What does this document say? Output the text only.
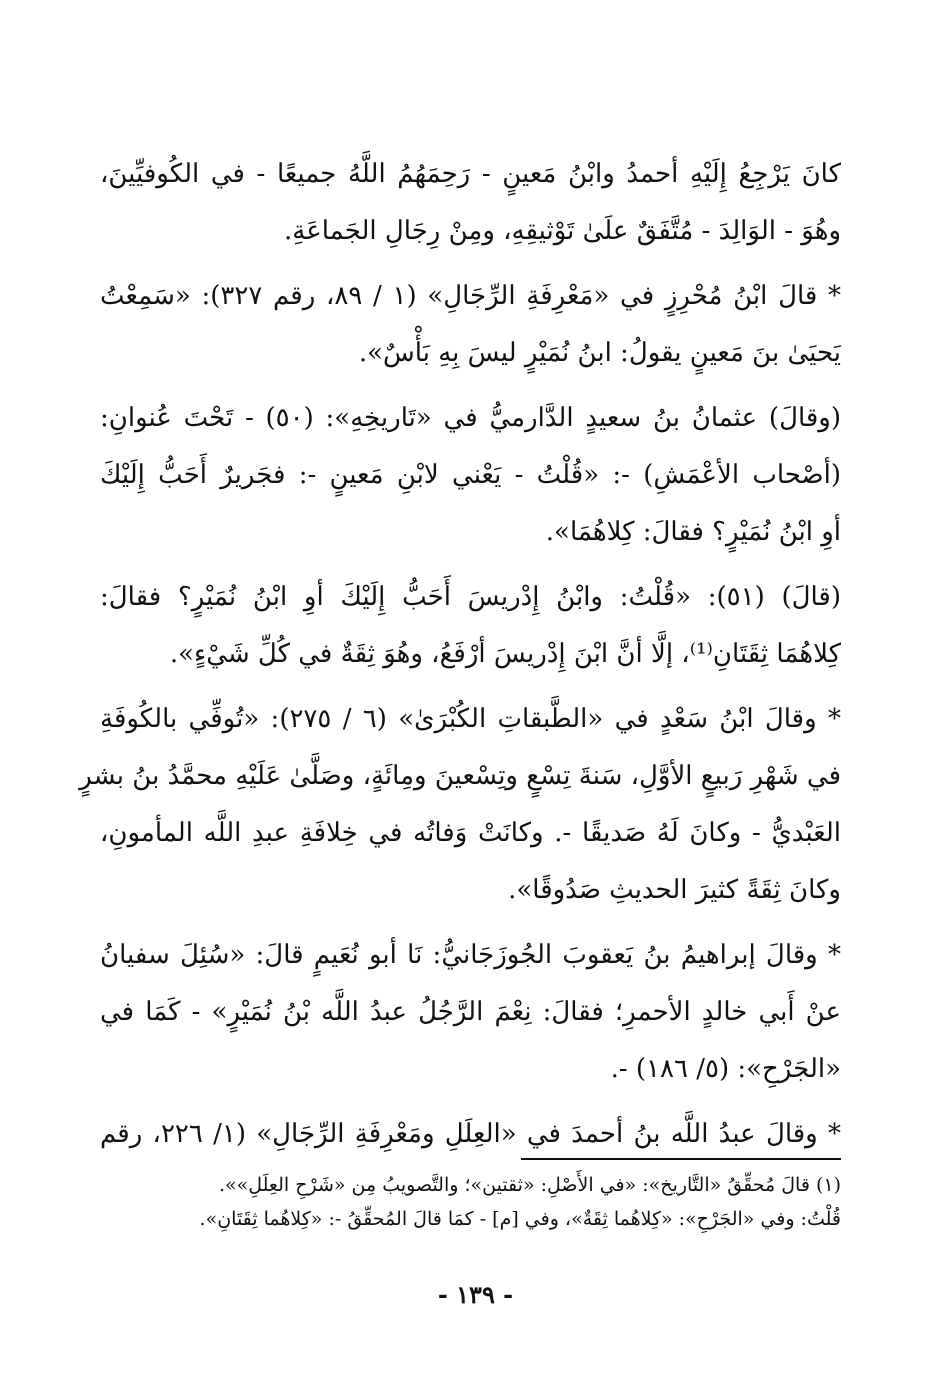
كانَ يَرْجِعُ إِلَيْهِ أحمدُ وابْنُ مَعينٍ - رَحِمَهُمُ اللَّهُ جميعًا - في الكُوفيِّينَ،
وهُوَ - الوَالِدَ - مُتَّفَقٌ علَىٰ تَوْثيقِهِ، ومِنْ رِجَالِ الجَماعَةِ.

* قالَ ابْنُ مُحْرِزٍ في «مَعْرِفَةِ الرِّجَالِ» (١ / ٨٩، رقم ٣٢٧): «سَمِعْتُ
يَحيَىٰ بنَ مَعينٍ يقولُ: ابنُ نُمَيْرٍ ليسَ بِهِ بَأْسٌ».

(وقالَ) عثمانُ بنُ سعيدٍ الدَّارميُّ في «تَاريخِهِ»: (٥٠) - تَحْتَ عُنوانِ:
(أصْحاب الأعْمَشِ) -: «قُلْتُ - يَعْني لابْنِ مَعينٍ -: فجَريرٌ أَحَبُّ إِلَيْكَ
أوِ ابْنُ نُمَيْرٍ؟ فقالَ: كِلاهُمَا».

(قالَ) (٥١): «قُلْتُ: وابْنُ إِدْريسَ أَحَبُّ إِلَيْكَ أوِ ابْنُ نُمَيْرٍ؟ فقالَ:
كِلاهُمَا ثِقَتَانِ⁽¹⁾، إلَّا أنَّ ابْنَ إِدْريسَ أرْفَعُ، وهُوَ ثِقَةٌ في كُلِّ شَيْءٍ».

* وقالَ ابْنُ سَعْدٍ في «الطَّبقاتِ الكُبْرَىٰ» (٦ / ٢٧٥): «تُوفِّي بالكُوفَةِ
في شَهْرِ رَبيعٍ الأوَّلِ، سَنةَ تِسْعٍ وتِسْعينَ ومِائَةٍ، وصَلَّىٰ عَلَيْهِ محمَّدُ بنُ بشرٍ
العَبْديُّ - وكانَ لَهُ صَديقًا -. وكانَتْ وَفاتُه في خِلافَةِ عبدِ اللَّه المأمونِ،
وكانَ ثِقَةً كثيرَ الحديثِ صَدُوقًا».

* وقالَ إبراهيمُ بنُ يَعقوبَ الجُوزَجَانيُّ: نَا أبو نُعَيمٍ قالَ: «سُئِلَ سفيانُ
عنْ أَبي خالدٍ الأحمرِ؛ فقالَ: نِعْمَ الرَّجُلُ عبدُ اللَّه بْنُ نُمَيْرٍ» - كَمَا في
«الجَرْحِ»: (٥/ ١٨٦) -.

* وقالَ عبدُ اللَّه بنُ أحمدَ في «العِلَلِ ومَعْرِفَةِ الرِّجَالِ» (١/ ٢٢٦، رقم

(١) قالَ مُحقِّقُ «التَّاريخ»: «في الأَصْلِ: «ثقتين»؛ والتَّصويبُ مِن «شَرْحِ العِلَلِ»».
قُلْتُ: وفي «الجَرْحِ»: «كِلاهُما ثِقَةٌ»، وفي [م] - كمَا قالَ المُحقِّقُ -: «كِلاهُما ثِقَتَانِ».
- ١٣٩ -
